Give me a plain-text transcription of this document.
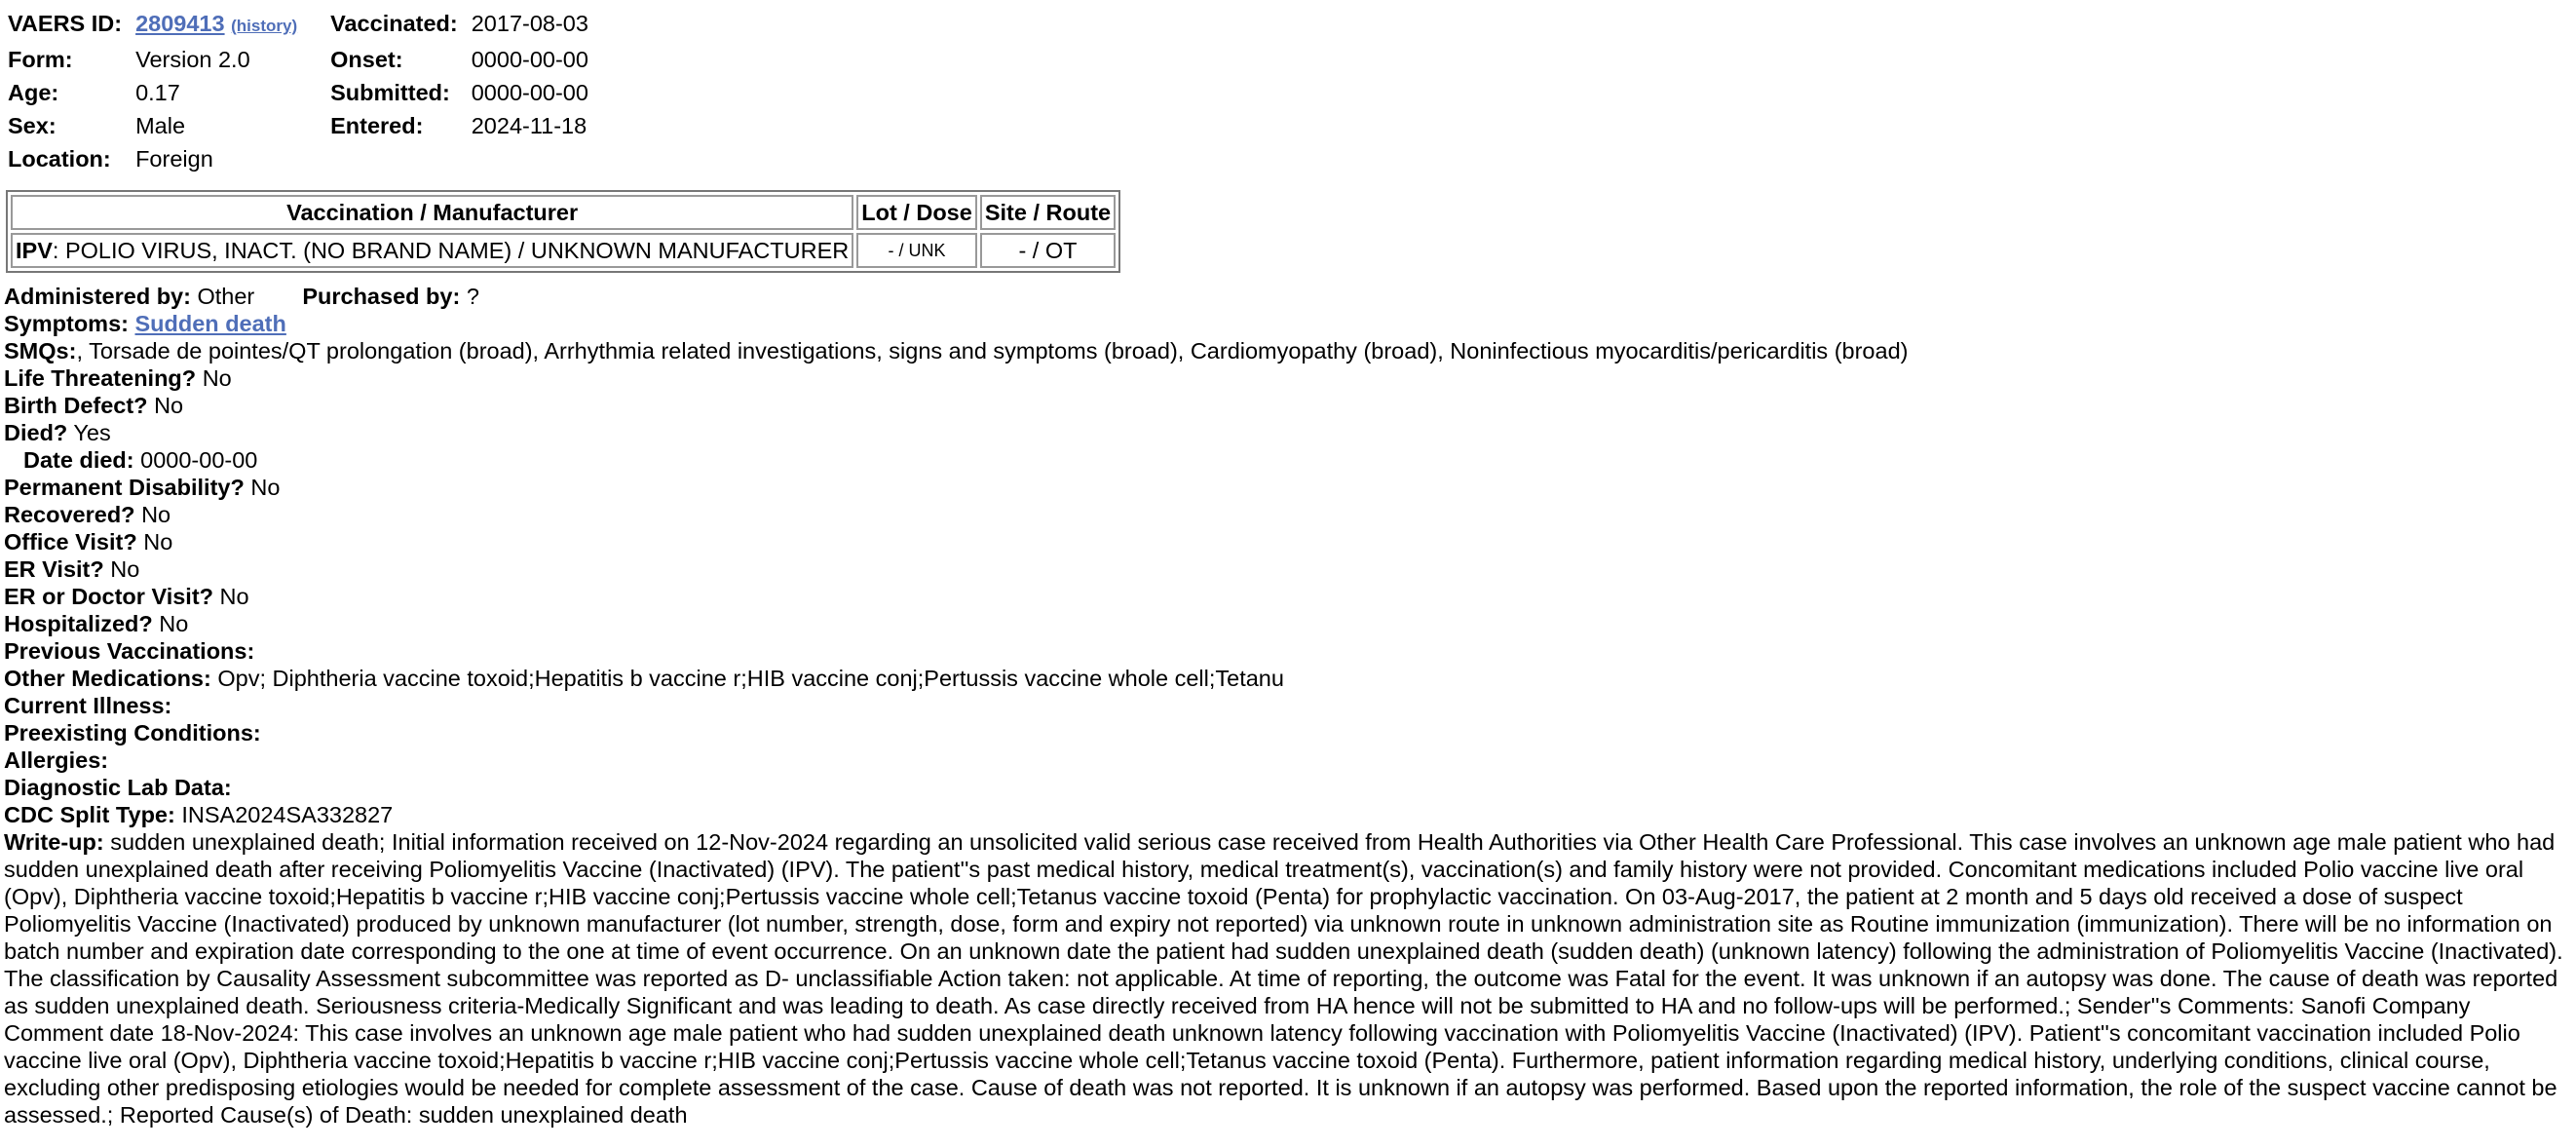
VAERS ID:	2809413 (history)		Vaccinated:	2017-08-03
Form:	Version 2.0		Onset:	0000-00-00
Age:	0.17		Submitted:	0000-00-00
Sex:	Male		Entered:	2024-11-18
Location:	Foreign			
Vaccination / Manufacturer	Lot / Dose	Site / Route
IPV: POLIO VIRUS, INACT. (NO BRAND NAME) / UNKNOWN MANUFACTURER	- / UNK	- / OT
Administered by: Other Purchased by: ?
Symptoms: Sudden death
SMQs:, Torsade de pointes/QT prolongation (broad), Arrhythmia related investigations, signs and symptoms (broad), Cardiomyopathy (broad), Noninfectious myocarditis/pericarditis (broad)
Life Threatening? No
Birth Defect? No
Died? Yes
Date died: 0000-00-00
Permanent Disability? No
Recovered? No
Office Visit? No
ER Visit? No
ER or Doctor Visit? No
Hospitalized? No
Previous Vaccinations:
Other Medications: Opv; Diphtheria vaccine toxoid;Hepatitis b vaccine r;HIB vaccine conj;Pertussis vaccine whole cell;Tetanu
Current Illness:
Preexisting Conditions:
Allergies:
Diagnostic Lab Data:
CDC Split Type: INSA2024SA332827
Write-up: sudden unexplained death; Initial information received on 12-Nov-2024 regarding an unsolicited valid serious case received from Health Authorities via Other Health Care Professional. This case involves an unknown age male patient who had sudden unexplained death after receiving Poliomyelitis Vaccine (Inactivated) (IPV). The patient''s past medical history, medical treatment(s), vaccination(s) and family history were not provided. Concomitant medications included Polio vaccine live oral (Opv), Diphtheria vaccine toxoid;Hepatitis b vaccine r;HIB vaccine conj;Pertussis vaccine whole cell;Tetanus vaccine toxoid (Penta) for prophylactic vaccination. On 03-Aug-2017, the patient at 2 month and 5 days old received a dose of suspect Poliomyelitis Vaccine (Inactivated) produced by unknown manufacturer (lot number, strength, dose, form and expiry not reported) via unknown route in unknown administration site as Routine immunization (immunization). There will be no information on batch number and expiration date corresponding to the one at time of event occurrence. On an unknown date the patient had sudden unexplained death (sudden death) (unknown latency) following the administration of Poliomyelitis Vaccine (Inactivated). The classification by Causality Assessment subcommittee was reported as D- unclassifiable Action taken: not applicable. At time of reporting, the outcome was Fatal for the event. It was unknown if an autopsy was done. The cause of death was reported as sudden unexplained death. Seriousness criteria-Medically Significant and was leading to death. As case directly received from HA hence will not be submitted to HA and no follow-ups will be performed.; Sender''s Comments: Sanofi Company Comment date 18-Nov-2024: This case involves an unknown age male patient who had sudden unexplained death unknown latency following vaccination with Poliomyelitis Vaccine (Inactivated) (IPV). Patient''s concomitant vaccination included Polio vaccine live oral (Opv), Diphtheria vaccine toxoid;Hepatitis b vaccine r;HIB vaccine conj;Pertussis vaccine whole cell;Tetanus vaccine toxoid (Penta). Furthermore, patient information regarding medical history, underlying conditions, clinical course, excluding other predisposing etiologies would be needed for complete assessment of the case. Cause of death was not reported. It is unknown if an autopsy was performed. Based upon the reported information, the role of the suspect vaccine cannot be assessed.; Reported Cause(s) of Death: sudden unexplained death
